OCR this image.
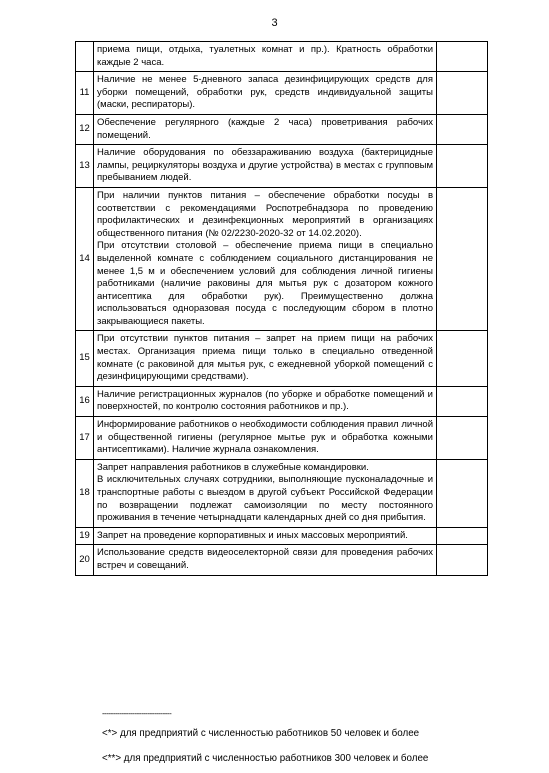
3

	приема пищи, отдыха, туалетных комнат и пр.). Кратность обработки каждые 2 часа.	

11	Наличие не менее 5-дневного запаса дезинфицирующих средств для уборки помещений, обработки рук, средств индивидуальной защиты (маски, респираторы).	

12	Обеспечение регулярного (каждые 2 часа) проветривания рабочих помещений.	

13	Наличие оборудования по обеззараживанию воздуха (бактерицидные лампы, рециркуляторы воздуха и другие устройства) в местах с групповым пребыванием людей.	

14	При наличии пунктов питания – обеспечение обработки посуды в соответствии с рекомендациями Роспотребнадзора по проведению профилактических и дезинфекционных мероприятий в организациях общественного питания (№ 02/2230-2020-32 от 14.02.2020).
При отсутствии столовой – обеспечение приема пищи в специально выделенной комнате с соблюдением социального дистанцирования не менее 1,5 м и обеспечением условий для соблюдения личной гигиены работниками (наличие раковины для мытья рук с дозатором кожного антисептика для обработки рук). Преимущественно должна использоваться одноразовая посуда с последующим сбором в плотно закрывающиеся пакеты.	

15	При отсутствии пунктов питания – запрет на прием пищи на рабочих местах. Организация приема пищи только в специально отведенной комнате (с раковиной для мытья рук, с ежедневной уборкой помещений с дезинфицирующими средствами).	

16	Наличие регистрационных журналов (по уборке и обработке помещений и поверхностей, по контролю состояния работников и пр.).	

17	Информирование работников о необходимости соблюдения правил личной и общественной гигиены (регулярное мытье рук и обработка кожными антисептиками). Наличие журнала ознакомления.	

18	Запрет направления работников в служебные командировки.
В исключительных случаях сотрудники, выполняющие пусконаладочные и транспортные работы с выездом в другой субъект Российской Федерации по возвращении подлежат самоизоляции по месту постоянного проживания в течение четырнадцати календарных дней со дня прибытия.	

19	Запрет на проведение корпоративных и иных массовых мероприятий.	

20	Использование средств видеоселекторной связи для проведения рабочих встреч и совещаний.	

--------------------------------
<*> для предприятий с численностью работников 50 человек и более
<**> для предприятий с численностью работников 300 человек и более
